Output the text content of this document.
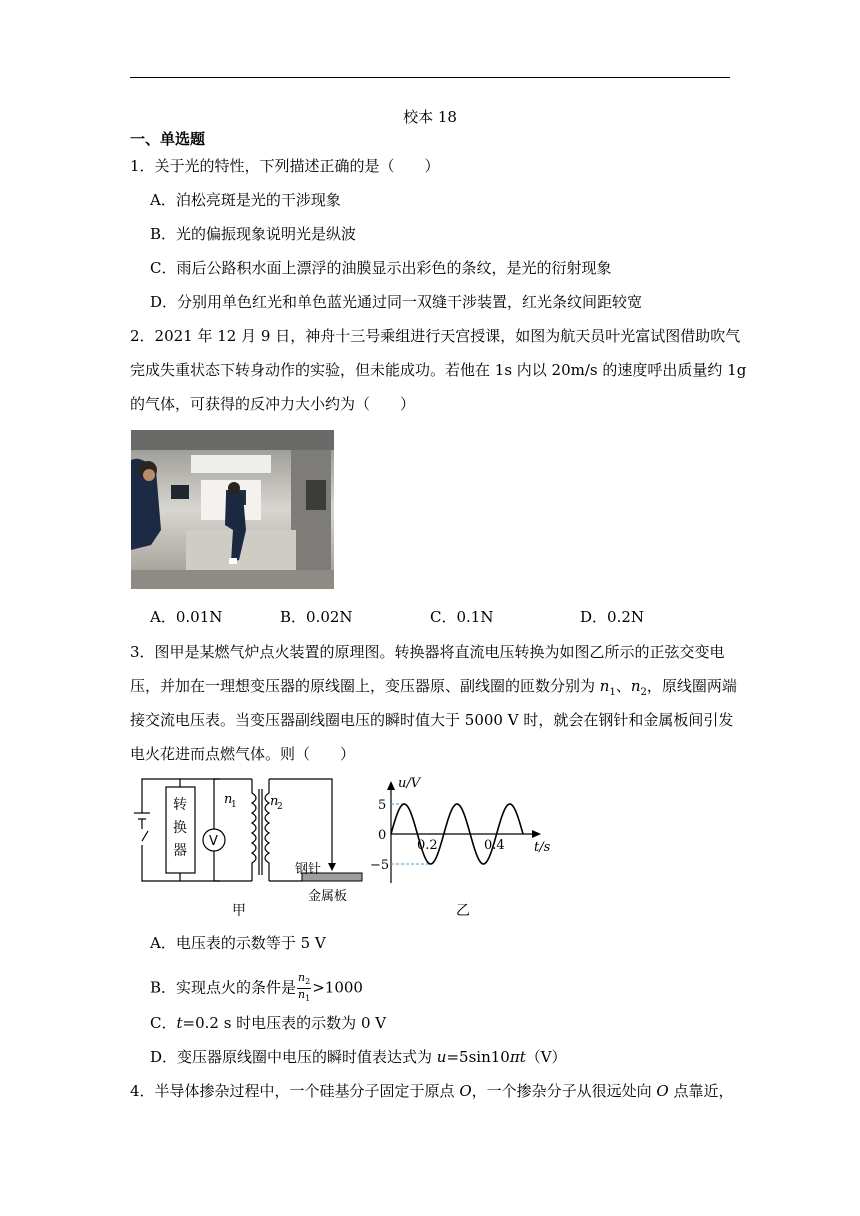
校本 18
一、单选题
1．关于光的特性，下列描述正确的是（　　）
A．泊松亮斑是光的干涉现象
B．光的偏振现象说明光是纵波
C．雨后公路积水面上漂浮的油膜显示出彩色的条纹，是光的衍射现象
D．分别用单色红光和单色蓝光通过同一双缝干涉装置，红光条纹间距较宽
2．2021 年 12 月 9 日，神舟十三号乘组进行天宫授课，如图为航天员叶光富试图借助吹气
完成失重状态下转身动作的实验，但未能成功。若他在 1s 内以 20m/s 的速度呼出质量约 1g
的气体，可获得的反冲力大小约为（　　）
A．0.01N	B．0.02N	C．0.1N	D．0.2N
3．图甲是某燃气炉点火装置的原理图。转换器将直流电压转换为如图乙所示的正弦交变电
压，并加在一理想变压器的原线圈上，变压器原、副线圈的匝数分别为 $n_1$、$n_2$，原线圈两端
接交流电压表。当变压器副线圈电压的瞬时值大于 5000 V 时，就会在钢针和金属板间引发
电火花进而点燃气体。则（　　）
转
换
器
V
钢针
金属板
甲
n
1	n
2
u/V
t/s
5
0
−5
0.2	0.4
乙
A．电压表的示数等于 5 V
B．实现点火的条件是 $\frac{n_2}{n_1} >1000$
C．t=0.2 s 时电压表的示数为 0 V
D．变压器原线圈中电压的瞬时值表达式为 u=5sin10πt（V）
4．半导体掺杂过程中，一个硅基分子固定于原点 O，一个掺杂分子从很远处向 O 点靠近，
